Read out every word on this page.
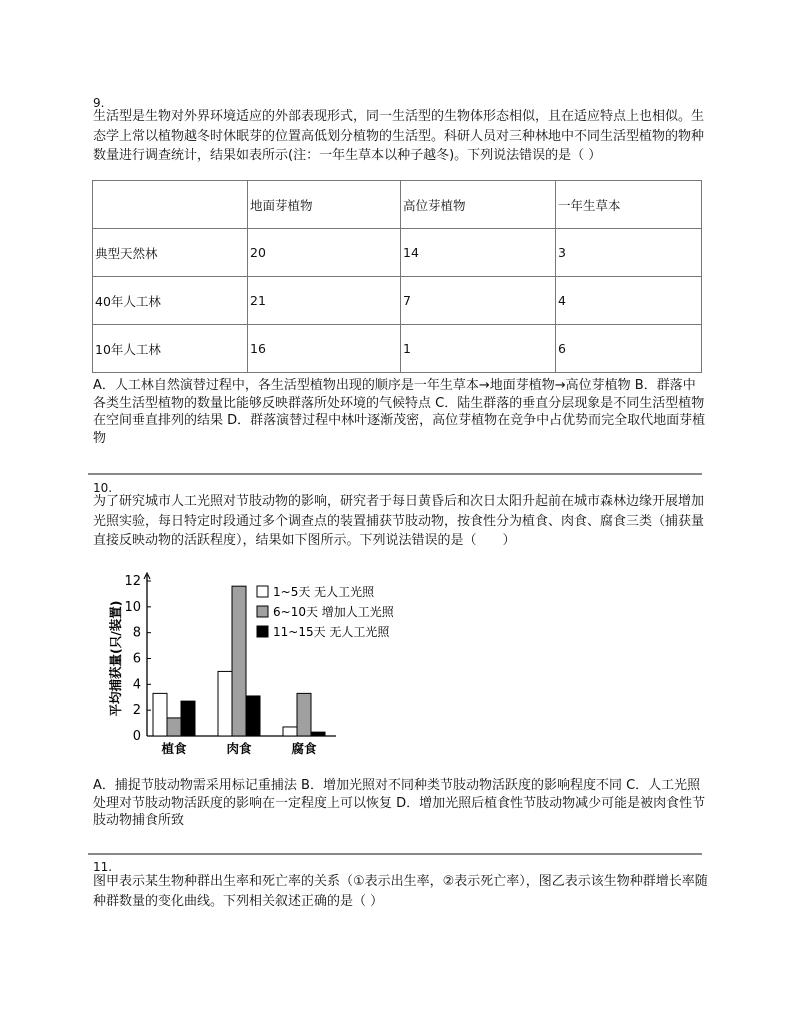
9.
生活型是生物对外界环境适应的外部表现形式，同一生活型的生物体形态相似，且在适应特点上也相似。生态学上常以植物越冬时休眠芽的位置高低划分植物的生活型。科研人员对三种林地中不同生活型植物的物种数量进行调查统计，结果如表所示(注：一年生草本以种子越冬)。下列说法错误的是（ ）
	地面芽植物	高位芽植物	一年生草本
典型天然林	20	14	3
40年人工林	21	7	4
10年人工林	16	1	6
A．人工林自然演替过程中，各生活型植物出现的顺序是一年生草本→地面芽植物→高位芽植物 B．群落中各类生活型植物的数量比能够反映群落所处环境的气候特点 C．陆生群落的垂直分层现象是不同生活型植物在空间垂直排列的结果 D．群落演替过程中林叶逐渐茂密，高位芽植物在竞争中占优势而完全取代地面芽植物
10.
为了研究城市人工光照对节肢动物的影响，研究者于每日黄昏后和次日太阳升起前在城市森林边缘开展增加光照实验，每日特定时段通过多个调查点的装置捕获节肢动物，按食性分为植食、肉食、腐食三类（捕获量直接反映动物的活跃程度），结果如下图所示。下列说法错误的是（　　）
0
2
4
6
8
10
12
平均捕获量(只/装置)
植食	肉食	腐食
1~5天 无人工光照
6~10天 增加人工光照
11~15天 无人工光照
A．捕捉节肢动物需采用标记重捕法 B．增加光照对不同种类节肢动物活跃度的影响程度不同 C．人工光照处理对节肢动物活跃度的影响在一定程度上可以恢复 D．增加光照后植食性节肢动物减少可能是被肉食性节肢动物捕食所致
11.
图甲表示某生物种群出生率和死亡率的关系（①表示出生率，②表示死亡率），图乙表示该生物种群增长率随种群数量的变化曲线。下列相关叙述正确的是（ ）
